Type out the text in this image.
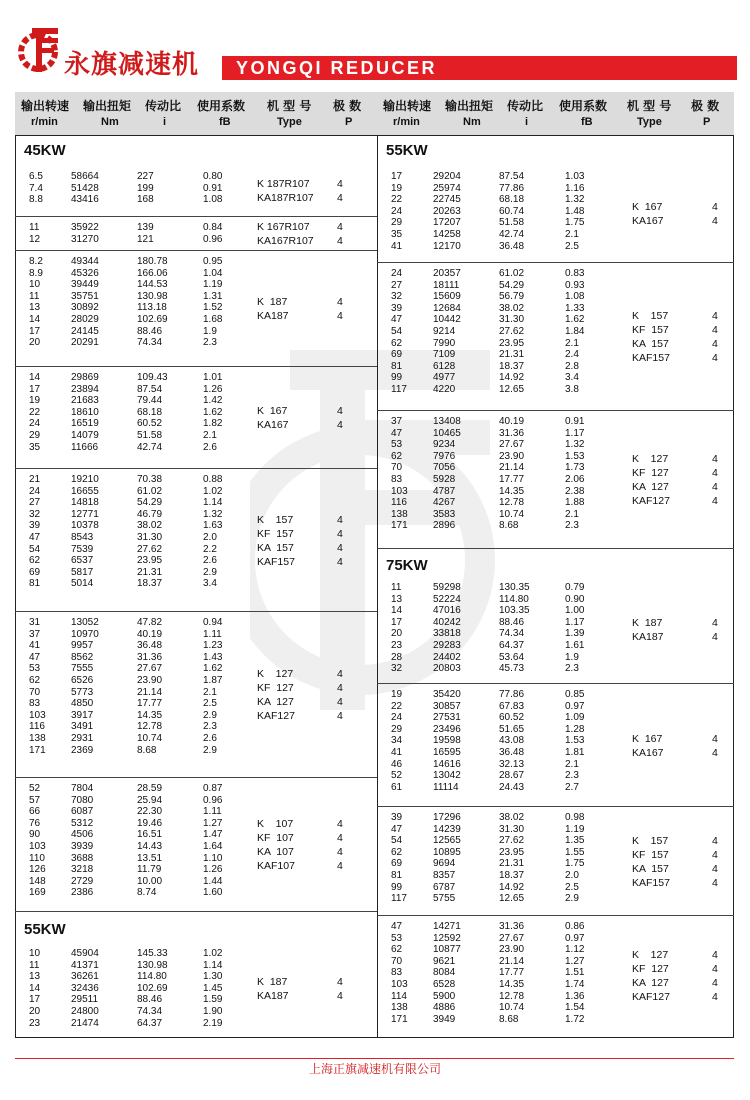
永旗减速机 YONGQI REDUCER
输出转速
r/min
输出扭矩
Nm
传动比
i
使用系数
fB
机 型 号
Type
极 数
P
输出转速
r/min
输出扭矩
Nm
传动比
i
使用系数
fB
机 型 号
Type
极 数
P
45KW
6.5	58664	227	0.80
7.4	51428	199	0.91
8.8	43416	168	1.08
K 187R107	4
KA187R107 4
11	35922	139	0.84
12	31270	121	0.96
K 167R107	4
KA167R107 4
8.2	49344	180.78	0.95
8.9	45326	166.06	1.04
10	39449	144.53	1.19
11	35751	130.98	1.31
13	30892	113.18	1.52
14	28029	102.69	1.68
17	24145	88.46	1.9
20	20291	74.34	2.3
K  187	4
KA187	4
14	29869	109.43	1.01
17	23894	87.54	1.26
19	21683	79.44	1.42
22	18610	68.18	1.62
24	16519	60.52	1.82
29	14079	51.58	2.1
35	11666	42.74	2.6
K  167	4
KA167	4
21	19210	70.38	0.88
24	16655	61.02	1.02
27	14818	54.29	1.14
32	12771	46.79	1.32
39	10378	38.02	1.63
47	8543	31.30	2.0
54	7539	27.62	2.2
62	6537	23.95	2.6
69	5817	21.31	2.9
81	5014	18.37	3.4
K    157	4
KF  157	4
KA  157	4
KAF157	4
31	13052	47.82	0.94
37	10970	40.19	1.11
41	9957	36.48	1.23
47	8562	31.36	1.43
53	7555	27.67	1.62
62	6526	23.90	1.87
70	5773	21.14	2.1
83	4850	17.77	2.5
103	3917	14.35	2.9
116	3491	12.78	2.3
138	2931	10.74	2.6
171	2369	8.68	2.9
K    127	4
KF  127	4
KA  127	4
KAF127	4
52	7804	28.59	0.87
57	7080	25.94	0.96
66	6087	22.30	1.11
76	5312	19.46	1.27
90	4506	16.51	1.47
103	3939	14.43	1.64
110	3688	13.51	1.10
126	3218	11.79	1.26
148	2729	10.00	1.44
169	2386	8.74	1.60
K    107	4
KF  107	4
KA  107	4
KAF107	4
55KW
10	45904	145.33	1.02
11	41371	130.98	1.14
13	36261	114.80	1.30
14	32436	102.69	1.45
17	29511	88.46	1.59
20	24800	74.34	1.90
23	21474	64.37	2.19
K  187	4
KA187	4
55KW
17	29204	87.54	1.03
19	25974	77.86	1.16
22	22745	68.18	1.32
24	20263	60.74	1.48
29	17207	51.58	1.75
35	14258	42.74	2.1
41	12170	36.48	2.5
K  167	4
KA167	4
24	20357	61.02	0.83
27	18111	54.29	0.93
32	15609	56.79	1.08
39	12684	38.02	1.33
47	10442	31.30	1.62
54	9214	27.62	1.84
62	7990	23.95	2.1
69	7109	21.31	2.4
81	6128	18.37	2.8
99	4977	14.92	3.4
117	4220	12.65	3.8
K    157	4
KF  157	4
KA  157	4
KAF157	4
37	13408	40.19	0.91
47	10465	31.36	1.17
53	9234	27.67	1.32
62	7976	23.90	1.53
70	7056	21.14	1.73
83	5928	17.77	2.06
103	4787	14.35	2.38
116	4267	12.78	1.88
138	3583	10.74	2.1
171	2896	8.68	2.3
K    127	4
KF  127	4
KA  127	4
KAF127	4
75KW
11	59298	130.35	0.79
13	52224	114.80	0.90
14	47016	103.35	1.00
17	40242	88.46	1.17
20	33818	74.34	1.39
23	29283	64.37	1.61
28	24402	53.64	1.9
32	20803	45.73	2.3
K  187	4
KA187	4
19	35420	77.86	0.85
22	30857	67.83	0.97
24	27531	60.52	1.09
29	23496	51.65	1.28
34	19598	43.08	1.53
41	16595	36.48	1.81
46	14616	32.13	2.1
52	13042	28.67	2.3
61	11114	24.43	2.7
K  167	4
KA167	4
39	17296	38.02	0.98
47	14239	31.30	1.19
54	12565	27.62	1.35
62	10895	23.95	1.55
69	9694	21.31	1.75
81	8357	18.37	2.0
99	6787	14.92	2.5
117	5755	12.65	2.9
K    157	4
KF  157	4
KA  157	4
KAF157	4
47	14271	31.36	0.86
53	12592	27.67	0.97
62	10877	23.90	1.12
70	9621	21.14	1.27
83	8084	17.77	1.51
103	6528	14.35	1.74
114	5900	12.78	1.36
138	4886	10.74	1.54
171	3949	8.68	1.72
K    127	4
KF  127	4
KA  127	4
KAF127	4
上海正旗减速机有限公司
